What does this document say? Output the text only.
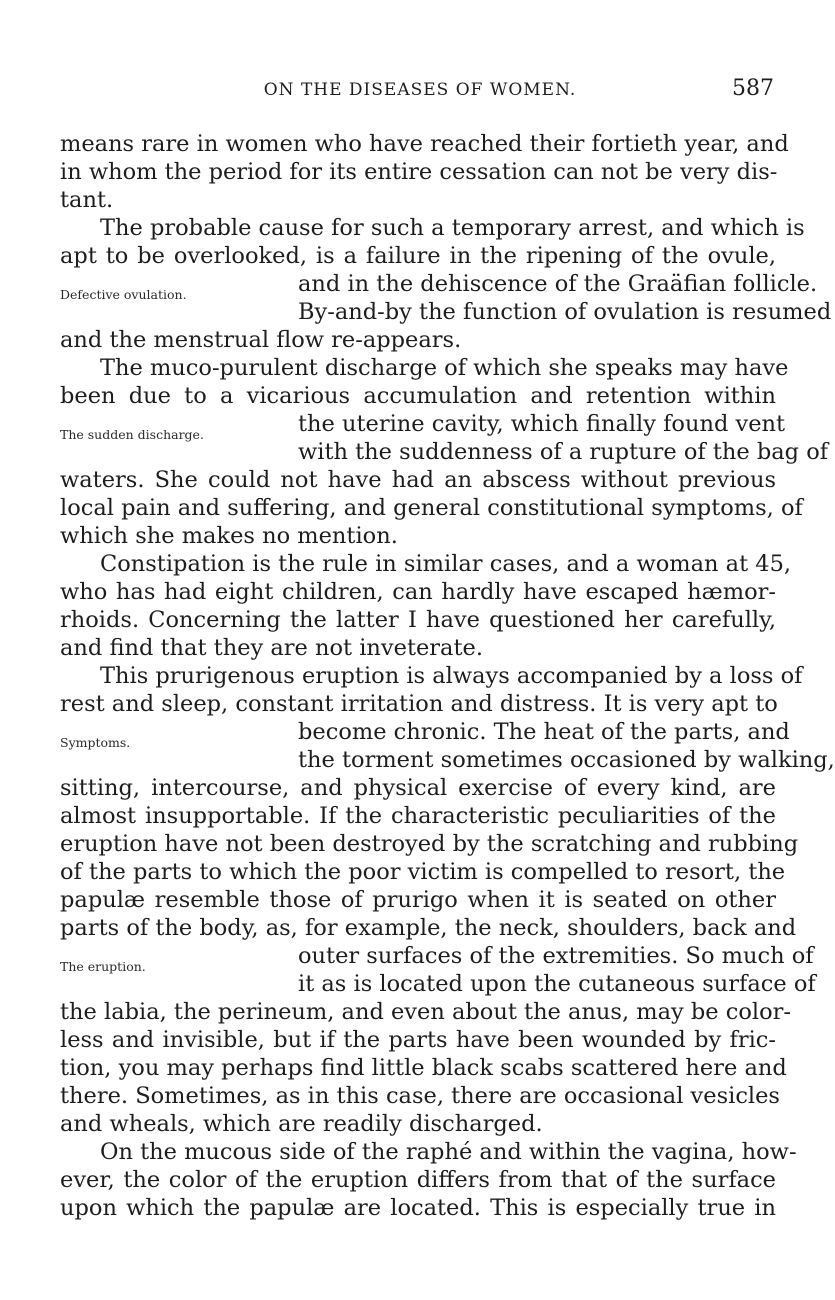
ON THE DISEASES OF WOMEN.	587
means rare in women who have reached their fortieth year, and
in whom the period for its entire cessation can not be very dis-
tant.
The probable cause for such a temporary arrest, and which is
apt to be overlooked, is a failure in the ripening of the ovule,
and in the dehiscence of the Graäfian follicle.
By-and-by the function of ovulation is resumed
and the menstrual flow re-appears.
The muco-purulent discharge of which she speaks may have
been due to a vicarious accumulation and retention within
the uterine cavity, which finally found vent
with the suddenness of a rupture of the bag of
waters. She could not have had an abscess without previous
local pain and suffering, and general constitutional symptoms, of
which she makes no mention.
Constipation is the rule in similar cases, and a woman at 45,
who has had eight children, can hardly have escaped hæmor-
rhoids. Concerning the latter I have questioned her carefully,
and find that they are not inveterate.
This prurigenous eruption is always accompanied by a loss of
rest and sleep, constant irritation and distress. It is very apt to
become chronic. The heat of the parts, and
the torment sometimes occasioned by walking,
sitting, intercourse, and physical exercise of every kind, are
almost insupportable. If the characteristic peculiarities of the
eruption have not been destroyed by the scratching and rubbing
of the parts to which the poor victim is compelled to resort, the
papulæ resemble those of prurigo when it is seated on other
parts of the body, as, for example, the neck, shoulders, back and
outer surfaces of the extremities. So much of
it as is located upon the cutaneous surface of
the labia, the perineum, and even about the anus, may be color-
less and invisible, but if the parts have been wounded by fric-
tion, you may perhaps find little black scabs scattered here and
there. Sometimes, as in this case, there are occasional vesicles
and wheals, which are readily discharged.
On the mucous side of the raphé and within the vagina, how-
ever, the color of the eruption differs from that of the surface
upon which the papulæ are located. This is especially true in
Defective ovulation.
The sudden discharge.
Symptoms.
The eruption.
